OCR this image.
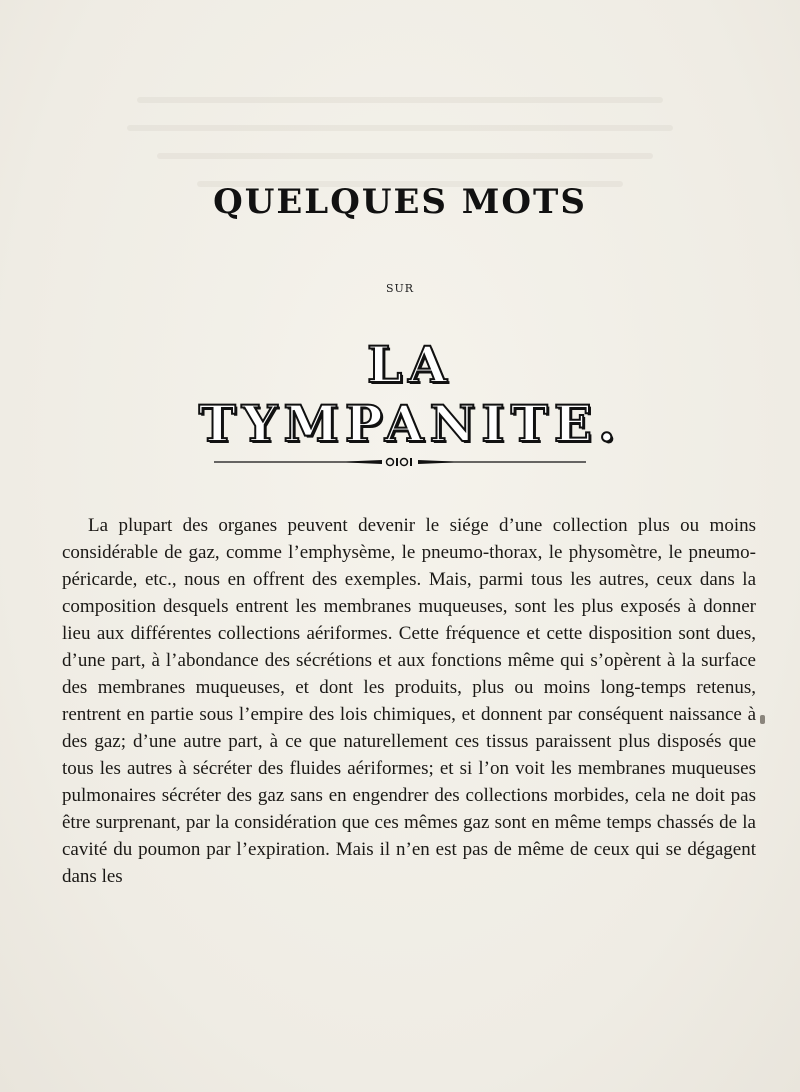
QUELQUES MOTS
SUR
LA TYMPANITE.

La plupart des organes peuvent devenir le siége d’une collection plus ou moins considérable de gaz, comme l’emphysème, le pneumo-thorax, le physomètre, le pneumo-péricarde, etc., nous en offrent des exemples. Mais, parmi tous les autres, ceux dans la composition desquels entrent les membranes muqueuses, sont les plus exposés à donner lieu aux différentes collections aériformes. Cette fréquence et cette disposition sont dues, d’une part, à l’abondance des sécrétions et aux fonctions même qui s’opèrent à la surface des membranes muqueuses, et dont les produits, plus ou moins long-temps retenus, rentrent en partie sous l’empire des lois chimiques, et donnent par conséquent naissance à des gaz; d’une autre part, à ce que naturellement ces tissus paraissent plus disposés que tous les autres à sécréter des fluides aériformes; et si l’on voit les membranes muqueuses pulmonaires sécréter des gaz sans en engendrer des collections morbides, cela ne doit pas être surprenant, par la considération que ces mêmes gaz sont en même temps chassés de la cavité du poumon par l’expiration. Mais il n’en est pas de même de ceux qui se dégagent dans les
